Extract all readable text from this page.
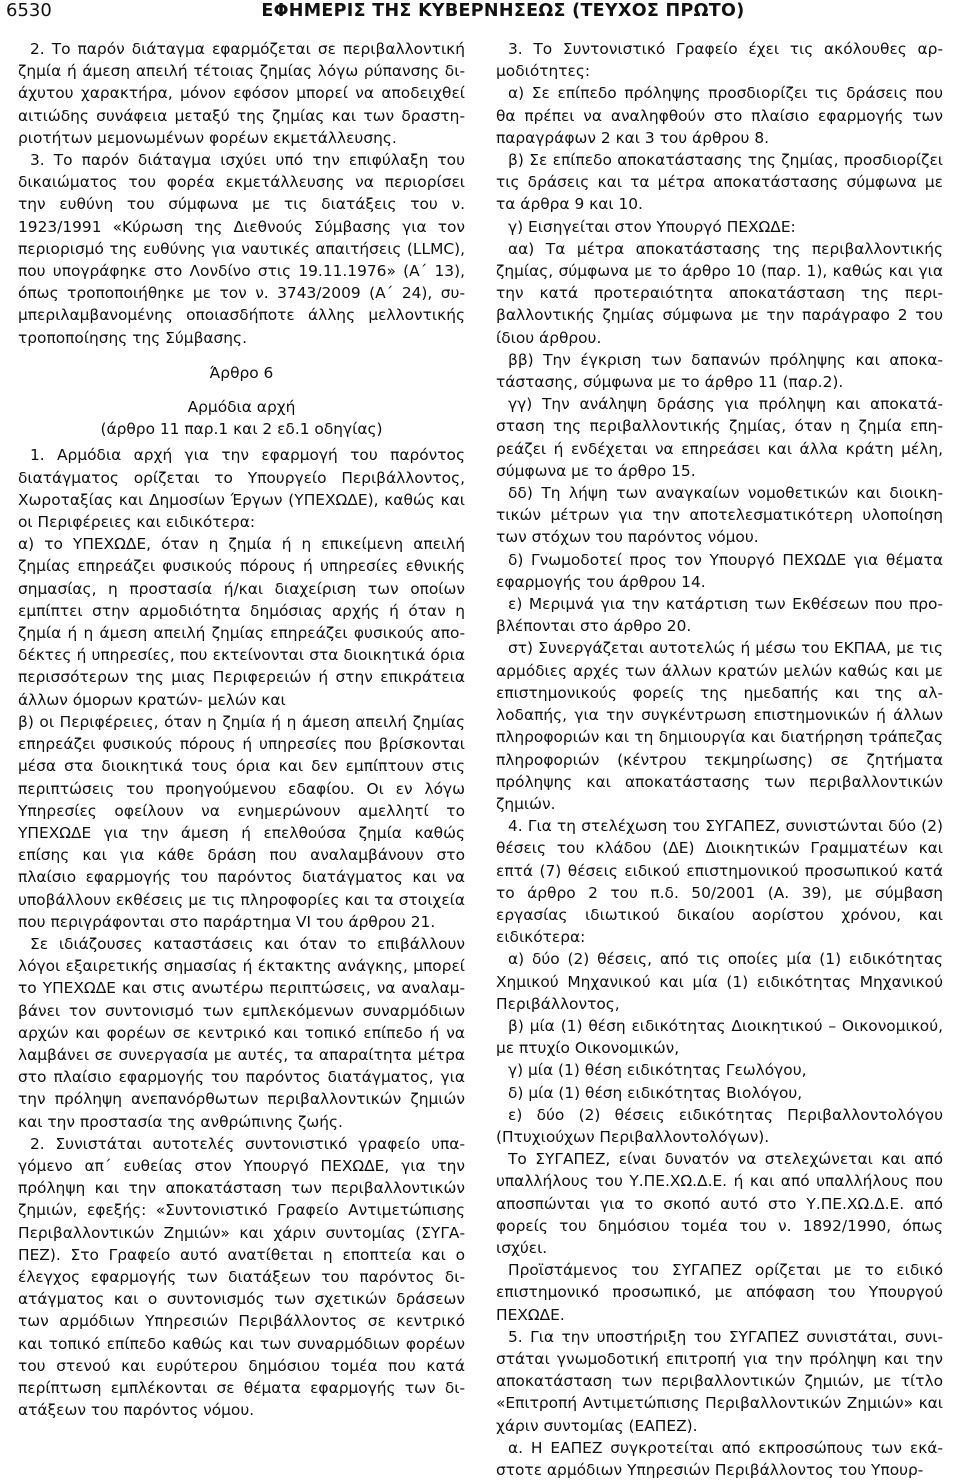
6530	ΕΦΗΜΕΡΙΣ ΤΗΣ ΚΥΒΕΡΝΗΣΕΩΣ (ΤΕΥΧΟΣ ΠΡΩΤΟ)

2. Το παρόν διάταγμα εφαρμόζεται σε περιβαλλοντική ζημία ή άμεση απειλή τέτοιας ζημίας λόγω ρύπανσης διάχυτου χαρακτήρα, μόνον εφόσον μπορεί να αποδειχθεί αιτιώδης συνάφεια μεταξύ της ζημίας και των δραστηριοτήτων μεμονωμένων φορέων εκμετάλλευσης.

3. Το παρόν διάταγμα ισχύει υπό την επιφύλαξη του δικαιώματος του φορέα εκμετάλλευσης να περιορίσει την ευθύνη του σύμφωνα με τις διατάξεις του ν. 1923/1991 «Κύρωση της Διεθνούς Σύμβασης για τον περιορισμό της ευθύνης για ναυτικές απαιτήσεις (LLMC), που υπογράφηκε στο Λονδίνο στις 19.11.1976» (Α΄ 13), όπως τροποποιήθηκε με τον ν. 3743/2009 (Α΄ 24), συμπεριλαμβανομένης οποιασδήποτε άλλης μελλοντικής τροποποίησης της Σύμβασης.

Άρθρο 6

Αρμόδια αρχή

(άρθρο 11 παρ.1 και 2 εδ.1 οδηγίας)

1. Αρμόδια αρχή για την εφαρμογή του παρόντος διατάγματος ορίζεται το Υπουργείο Περιβάλλοντος, Χωροταξίας και Δημοσίων Έργων (ΥΠΕΧΩΔΕ), καθώς και οι Περιφέρειες και ειδικότερα:

α) το ΥΠΕΧΩΔΕ, όταν η ζημία ή η επικείμενη απειλή ζημίας επηρεάζει φυσικούς πόρους ή υπηρεσίες εθνικής σημασίας, η προστασία ή/και διαχείριση των οποίων εμπίπτει στην αρμοδιότητα δημόσιας αρχής ή όταν η ζημία ή η άμεση απειλή ζημίας επηρεάζει φυσικούς αποδέκτες ή υπηρεσίες, που εκτείνονται στα διοικητικά όρια περισσότερων της μιας Περιφερειών ή στην επικράτεια άλλων όμορων κρατών- μελών και

β) οι Περιφέρειες, όταν η ζημία ή η άμεση απειλή ζημίας επηρεάζει φυσικούς πόρους ή υπηρεσίες που βρίσκονται μέσα στα διοικητικά τους όρια και δεν εμπίπτουν στις περιπτώσεις του προηγούμενου εδαφίου. Οι εν λόγω Υπηρεσίες οφείλουν να ενημερώνουν αμελλητί το ΥΠΕΧΩΔΕ για την άμεση ή επελθούσα ζημία καθώς επίσης και για κάθε δράση που αναλαμβάνουν στο πλαίσιο εφαρμογής του παρόντος διατάγματος και να υποβάλλουν εκθέσεις με τις πληροφορίες και τα στοιχεία που περιγράφονται στο παράρτημα VI του άρθρου 21.

Σε ιδιάζουσες καταστάσεις και όταν το επιβάλλουν λόγοι εξαιρετικής σημασίας ή έκτακτης ανάγκης, μπορεί το ΥΠΕΧΩΔΕ και στις ανωτέρω περιπτώσεις, να αναλαμβάνει τον συντονισμό των εμπλεκόμενων συναρμόδιων αρχών και φορέων σε κεντρικό και τοπικό επίπεδο ή να λαμβάνει σε συνεργασία με αυτές, τα απαραίτητα μέτρα στο πλαίσιο εφαρμογής του παρόντος διατάγματος, για την πρόληψη ανεπανόρθωτων περιβαλλοντικών ζημιών και την προστασία της ανθρώπινης ζωής.

2. Συνιστάται αυτοτελές συντονιστικό γραφείο υπαγόμενο απ΄ ευθείας στον Υπουργό ΠΕΧΩΔΕ, για την πρόληψη και την αποκατάσταση των περιβαλλοντικών ζημιών, εφεξής: «Συντονιστικό Γραφείο Αντιμετώπισης Περιβαλλοντικών Ζημιών» και χάριν συντομίας (ΣΥΓΑΠΕΖ). Στο Γραφείο αυτό ανατίθεται η εποπτεία και ο έλεγχος εφαρμογής των διατάξεων του παρόντος διατάγματος και ο συντονισμός των σχετικών δράσεων των αρμόδιων Υπηρεσιών Περιβάλλοντος σε κεντρικό και τοπικό επίπεδο καθώς και των συναρμόδιων φορέων του στενού και ευρύτερου δημόσιου τομέα που κατά περίπτωση εμπλέκονται σε θέματα εφαρμογής των διατάξεων του παρόντος νόμου.

3. Το Συντονιστικό Γραφείο έχει τις ακόλουθες αρμοδιότητες:

α) Σε επίπεδο πρόληψης προσδιορίζει τις δράσεις που θα πρέπει να αναληφθούν στο πλαίσιο εφαρμογής των παραγράφων 2 και 3 του άρθρου 8.

β) Σε επίπεδο αποκατάστασης της ζημίας, προσδιορίζει τις δράσεις και τα μέτρα αποκατάστασης σύμφωνα με τα άρθρα 9 και 10.

γ) Εισηγείται στον Υπουργό ΠΕΧΩΔΕ:

αα) Τα μέτρα αποκατάστασης της περιβαλλοντικής ζημίας, σύμφωνα με το άρθρο 10 (παρ. 1), καθώς και για την κατά προτεραιότητα αποκατάσταση της περιβαλλοντικής ζημίας σύμφωνα με την παράγραφο 2 του ίδιου άρθρου.

ββ) Την έγκριση των δαπανών πρόληψης και αποκατάστασης, σύμφωνα με το άρθρο 11 (παρ.2).

γγ) Την ανάληψη δράσης για πρόληψη και αποκατάσταση της περιβαλλοντικής ζημίας, όταν η ζημία επηρεάζει ή ενδέχεται να επηρεάσει και άλλα κράτη μέλη, σύμφωνα με το άρθρο 15.

δδ) Τη λήψη των αναγκαίων νομοθετικών και διοικητικών μέτρων για την αποτελεσματικότερη υλοποίηση των στόχων του παρόντος νόμου.

δ) Γνωμοδοτεί προς τον Υπουργό ΠΕΧΩΔΕ για θέματα εφαρμογής του άρθρου 14.

ε) Μεριμνά για την κατάρτιση των Εκθέσεων που προβλέπονται στο άρθρο 20.

στ) Συνεργάζεται αυτοτελώς ή μέσω του ΕΚΠΑΑ, με τις αρμόδιες αρχές των άλλων κρατών μελών καθώς και με επιστημονικούς φορείς της ημεδαπής και της αλλοδαπής, για την συγκέντρωση επιστημονικών ή άλλων πληροφοριών και τη δημιουργία και διατήρηση τράπεζας πληροφοριών (κέντρου τεκμηρίωσης) σε ζητήματα πρόληψης και αποκατάστασης των περιβαλλοντικών ζημιών.

4. Για τη στελέχωση του ΣΥΓΑΠΕΖ, συνιστώνται δύο (2) θέσεις του κλάδου (ΔΕ) Διοικητικών Γραμματέων και επτά (7) θέσεις ειδικού επιστημονικού προσωπικού κατά το άρθρο 2 του π.δ. 50/2001 (Α. 39), με σύμβαση εργασίας ιδιωτικού δικαίου αορίστου χρόνου, και ειδικότερα:

α) δύο (2) θέσεις, από τις οποίες μία (1) ειδικότητας Χημικού Μηχανικού και μία (1) ειδικότητας Μηχανικού Περιβάλλοντος,

β) μία (1) θέση ειδικότητας Διοικητικού – Οικονομικού, με πτυχίο Οικονομικών,

γ) μία (1) θέση ειδικότητας Γεωλόγου,

δ) μία (1) θέση ειδικότητας Βιολόγου,

ε) δύο (2) θέσεις ειδικότητας Περιβαλλοντολόγου (Πτυχιούχων Περιβαλλοντολόγων).

Το ΣΥΓΑΠΕΖ, είναι δυνατόν να στελεχώνεται και από υπαλλήλους του Υ.ΠΕ.ΧΩ.Δ.Ε. ή και από υπαλλήλους που αποσπώνται για το σκοπό αυτό στο Υ.ΠΕ.ΧΩ.Δ.Ε. από φορείς του δημόσιου τομέα του ν. 1892/1990, όπως ισχύει.

Προϊστάμενος του ΣΥΓΑΠΕΖ ορίζεται με το ειδικό επιστημονικό προσωπικό, με απόφαση του Υπουργού ΠΕΧΩΔΕ.

5. Για την υποστήριξη του ΣΥΓΑΠΕΖ συνιστάται, συνιστάται γνωμοδοτική επιτροπή για την πρόληψη και την αποκατάσταση των περιβαλλοντικών ζημιών, με τίτλο «Επιτροπή Αντιμετώπισης Περιβαλλοντικών Ζημιών» και χάριν συντομίας (ΕΑΠΕΖ).

α. Η ΕΑΠΕΖ συγκροτείται από εκπροσώπους των εκάστοτε αρμόδιων Υπηρεσιών Περιβάλλοντος του Υπουρ-
